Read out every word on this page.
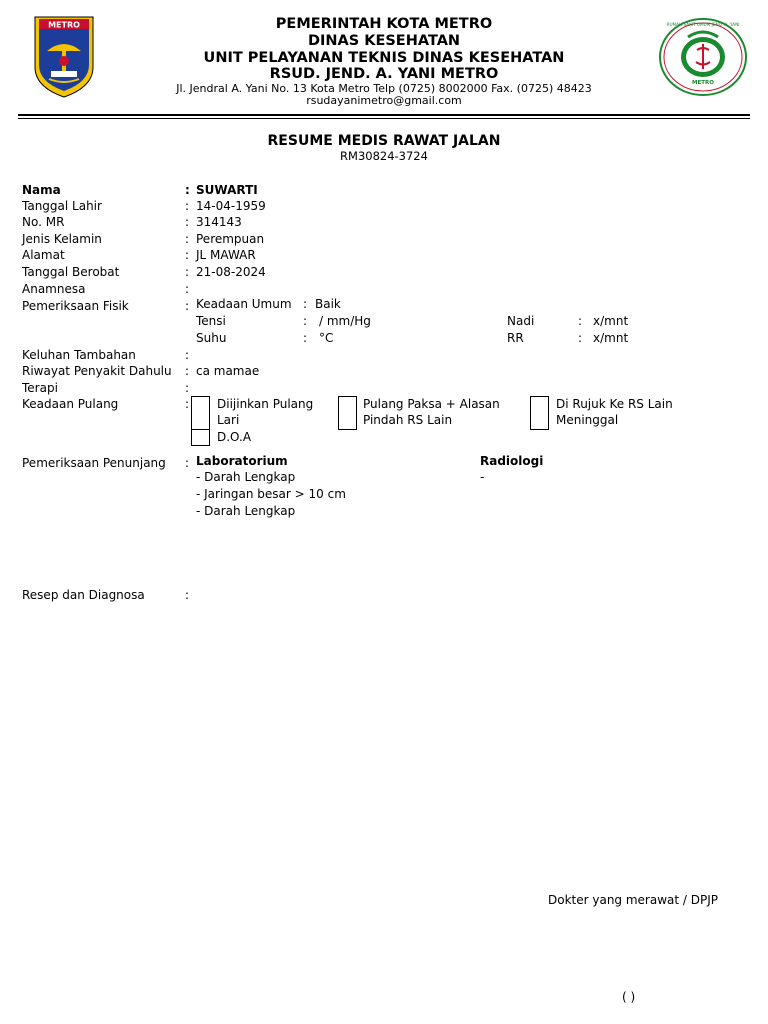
METRO
METRO
RUMAH SAKIT UMUM JEND. A. YANI
PEMERINTAH KOTA METRO
DINAS KESEHATAN
UNIT PELAYANAN TEKNIS DINAS KESEHATAN
RSUD. JEND. A. YANI METRO
Jl. Jendral A. Yani No. 13 Kota Metro Telp (0725) 8002000 Fax. (0725) 48423
rsudayanimetro@gmail.com
RESUME MEDIS RAWAT JALAN
RM30824-3724
Nama	: SUWARTI
Tanggal Lahir	: 14-04-1959
No. MR	: 314143
Jenis Kelamin	: Perempuan
Alamat	: JL MAWAR
Tanggal Berobat	: 21-08-2024
Anamnesa	:
Pemeriksaan Fisik	: Keadaan Umum : Baik
Tensi	: / mm/Hg	Nadi	: x/mnt
Suhu	: °C	RR	: x/mnt
Keluhan Tambahan	:
Riwayat Penyakit Dahulu : ca mamae
Terapi	:
Keadaan Pulang	: Diijinkan Pulang
Lari
D.O.A
Pulang Paksa + Alasan
Pindah RS Lain
Di Rujuk Ke RS Lain
Meninggal
Pemeriksaan Penunjang : Laboratorium
- Darah Lengkap
- Jaringan besar > 10 cm
- Darah Lengkap
Radiologi
-
Resep dan Diagnosa	:
Dokter yang merawat / DPJP
( )
